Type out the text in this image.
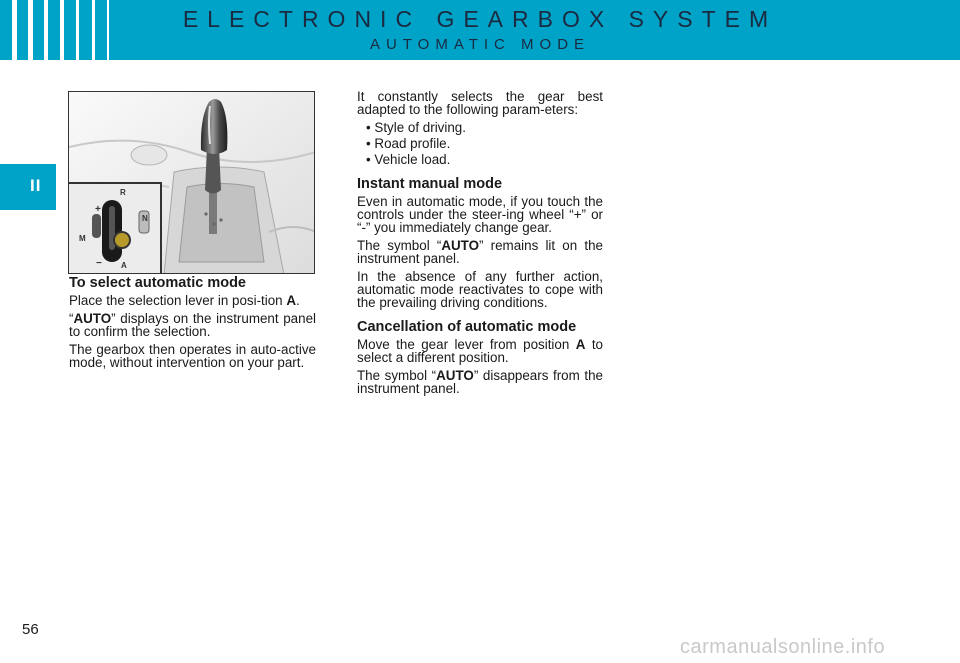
ELECTRONIC GEARBOX SYSTEM
AUTOMATIC MODE
II	R
N
+
M
− A
To select automatic mode

Place the selection lever in posi-tion A.

“AUTO” displays on the instrument panel to confirm the selection.

The gearbox then operates in auto-active mode, without intervention on your part.

It constantly selects the gear best adapted to the following param-eters:

• Style of driving.

• Road profile.

• Vehicle load.

Instant manual mode

Even in automatic mode, if you touch the controls under the steer-ing wheel “+” or “-” you immediately change gear.

The symbol “AUTO” remains lit on the instrument panel.

In the absence of any further action, automatic mode reactivates to cope with the prevailing driving conditions.

Cancellation of automatic mode

Move the gear lever from position A to select a different position.

The symbol “AUTO” disappears from the instrument panel.

56
carmanualsonline.info
